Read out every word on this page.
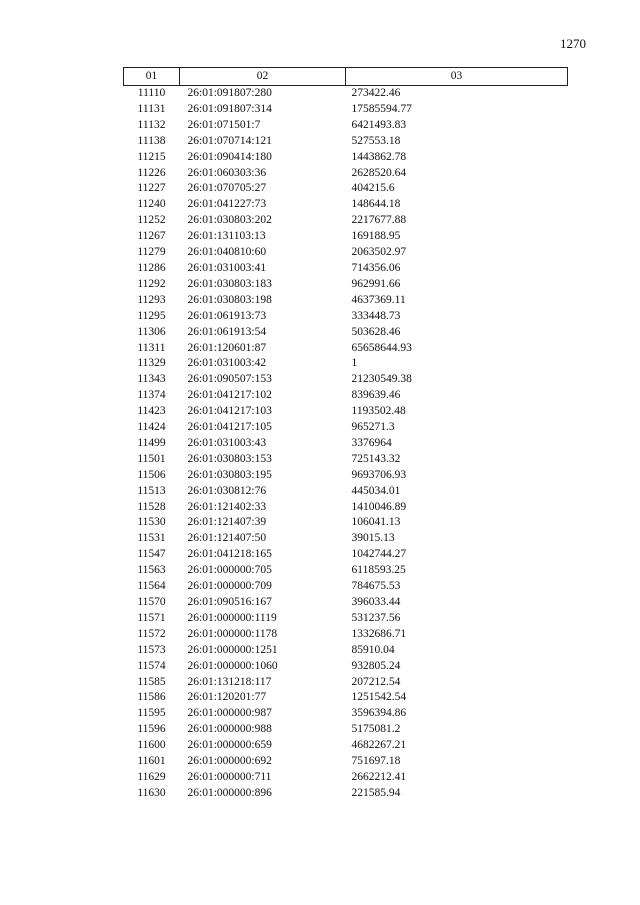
1270
01	02	03
11110	26:01:091807:280	273422.46
11131	26:01:091807:314	17585594.77
11132	26:01:071501:7	6421493.83
11138	26:01:070714:121	527553.18
11215	26:01:090414:180	1443862.78
11226	26:01:060303:36	2628520.64
11227	26:01:070705:27	404215.6
11240	26:01:041227:73	148644.18
11252	26:01:030803:202	2217677.88
11267	26:01:131103:13	169188.95
11279	26:01:040810:60	2063502.97
11286	26:01:031003:41	714356.06
11292	26:01:030803:183	962991.66
11293	26:01:030803:198	4637369.11
11295	26:01:061913:73	333448.73
11306	26:01:061913:54	503628.46
11311	26:01:120601:87	65658644.93
11329	26:01:031003:42	1
11343	26:01:090507:153	21230549.38
11374	26:01:041217:102	839639.46
11423	26:01:041217:103	1193502.48
11424	26:01:041217:105	965271.3
11499	26:01:031003:43	3376964
11501	26:01:030803:153	725143.32
11506	26:01:030803:195	9693706.93
11513	26:01:030812:76	445034.01
11528	26:01:121402:33	1410046.89
11530	26:01:121407:39	106041.13
11531	26:01:121407:50	39015.13
11547	26:01:041218:165	1042744.27
11563	26:01:000000:705	6118593.25
11564	26:01:000000:709	784675.53
11570	26:01:090516:167	396033.44
11571	26:01:000000:1119	531237.56
11572	26:01:000000:1178	1332686.71
11573	26:01:000000:1251	85910.04
11574	26:01:000000:1060	932805.24
11585	26:01:131218:117	207212.54
11586	26:01:120201:77	1251542.54
11595	26:01:000000:987	3596394.86
11596	26:01:000000:988	5175081.2
11600	26:01:000000:659	4682267.21
11601	26:01:000000:692	751697.18
11629	26:01:000000:711	2662212.41
11630	26:01:000000:896	221585.94
